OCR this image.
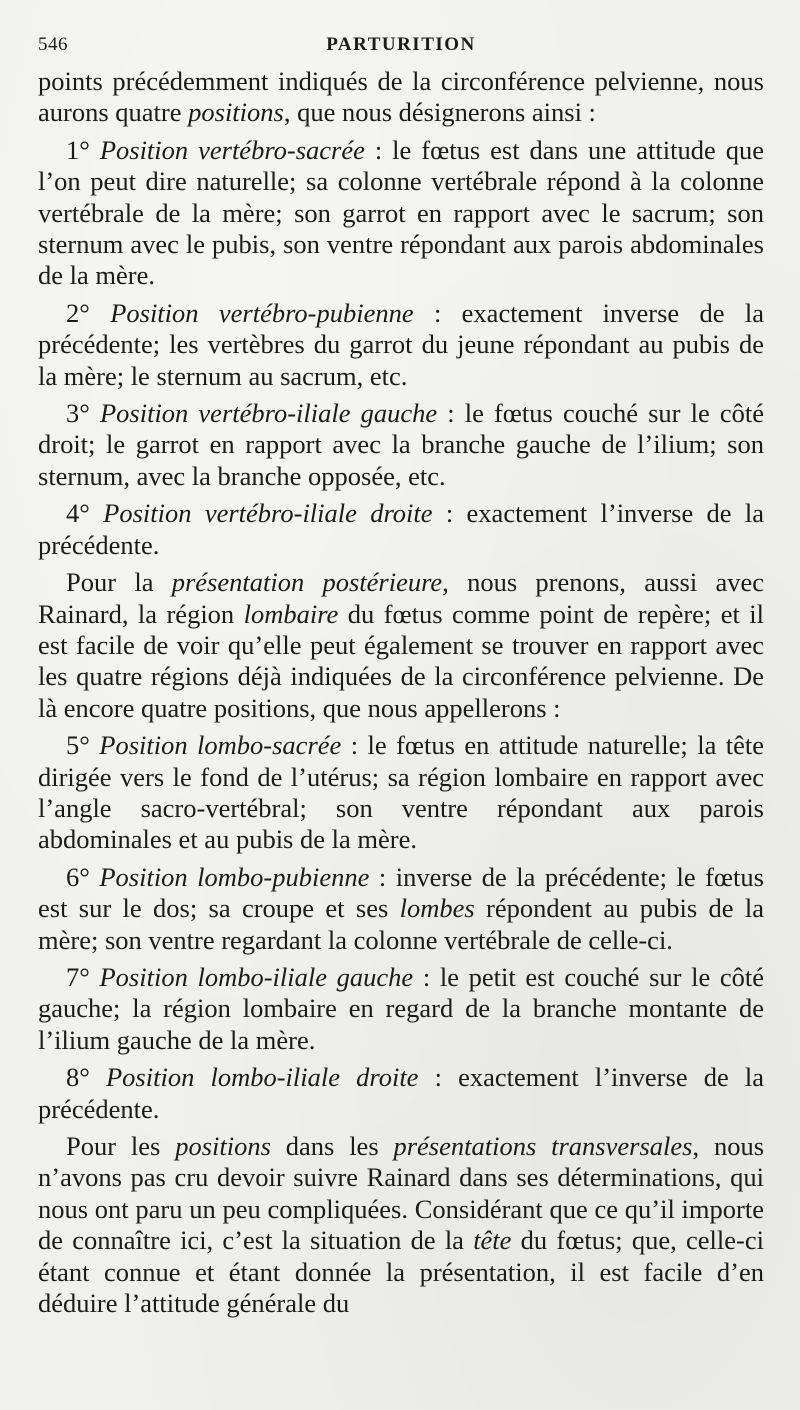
546	PARTURITION

points précédemment indiqués de la circonférence pelvienne, nous aurons quatre positions, que nous désignerons ainsi :

1° Position vertébro-sacrée : le fœtus est dans une attitude que l’on peut dire naturelle; sa colonne vertébrale répond à la colonne vertébrale de la mère; son garrot en rapport avec le sacrum; son sternum avec le pubis, son ventre répondant aux parois abdominales de la mère.

2° Position vertébro-pubienne : exactement inverse de la précédente; les vertèbres du garrot du jeune répondant au pubis de la mère; le sternum au sacrum, etc.

3° Position vertébro-iliale gauche : le fœtus couché sur le côté droit; le garrot en rapport avec la branche gauche de l’ilium; son sternum, avec la branche opposée, etc.

4° Position vertébro-iliale droite : exactement l’inverse de la précédente.

Pour la présentation postérieure, nous prenons, aussi avec Rainard, la région lombaire du fœtus comme point de repère; et il est facile de voir qu’elle peut également se trouver en rapport avec les quatre régions déjà indiquées de la circonférence pelvienne. De là encore quatre positions, que nous appellerons :

5° Position lombo-sacrée : le fœtus en attitude naturelle; la tête dirigée vers le fond de l’utérus; sa région lombaire en rapport avec l’angle sacro-vertébral; son ventre répondant aux parois abdominales et au pubis de la mère.

6° Position lombo-pubienne : inverse de la précédente; le fœtus est sur le dos; sa croupe et ses lombes répondent au pubis de la mère; son ventre regardant la colonne vertébrale de celle-ci.

7° Position lombo-iliale gauche : le petit est couché sur le côté gauche; la région lombaire en regard de la branche montante de l’ilium gauche de la mère.

8° Position lombo-iliale droite : exactement l’inverse de la précédente.

Pour les positions dans les présentations transversales, nous n’avons pas cru devoir suivre Rainard dans ses déterminations, qui nous ont paru un peu compliquées. Considérant que ce qu’il importe de connaître ici, c’est la situation de la tête du fœtus; que, celle-ci étant connue et étant donnée la présentation, il est facile d’en déduire l’attitude générale du
